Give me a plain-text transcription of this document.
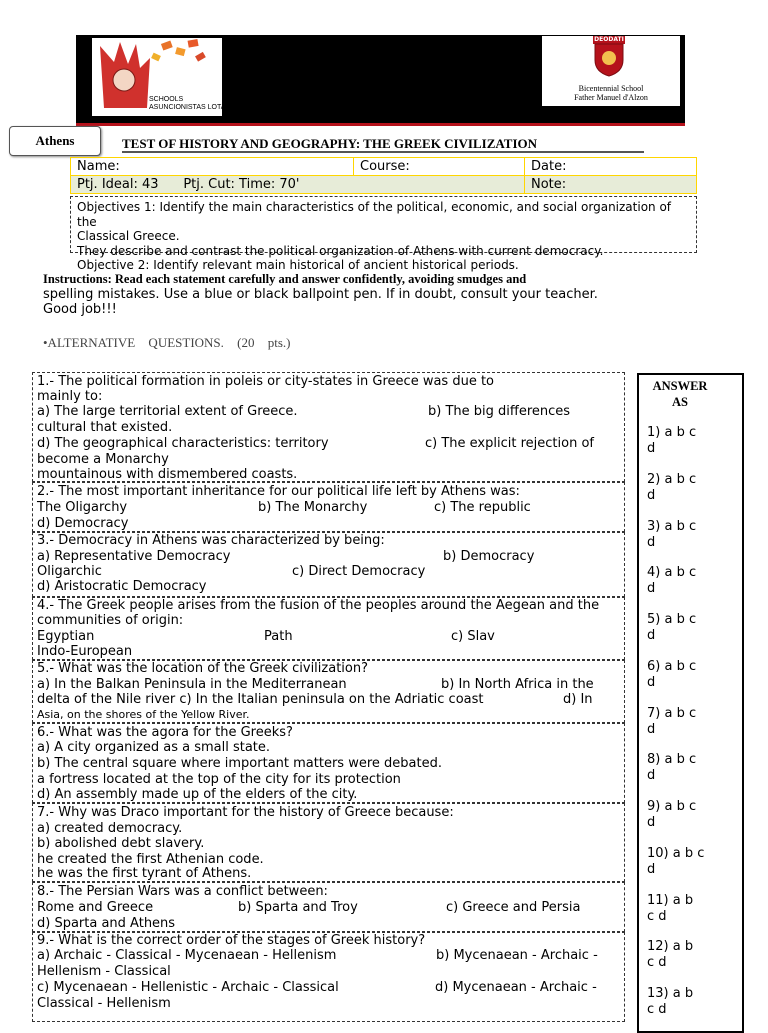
SCHOOLS
ASUNCIONISTAS LOTA
DEODATI
Bicentennial School
Father Manuel d'Alzon
Athens	TEST OF HISTORY AND GEOGRAPHY: THE GREEK CIVILIZATION
Name:	Course:	Date:
Ptj. Ideal: 43      Ptj. Cut: Time: 70'	Note:
Objectives 1: Identify the main characteristics of the political, economic, and social organization of the
Classical Greece.
They describe and contrast the political organization of Athens with current democracy.
Objective 2: Identify relevant main historical of ancient historical periods.
Instructions: Read each statement carefully and answer confidently, avoiding smudges and
spelling mistakes. Use a blue or black ballpoint pen. If in doubt, consult your teacher.
Good job!!!
•ALTERNATIVE QUESTIONS. (20 pts.)
1.- The political formation in poleis or city-states in Greece was due to
mainly to:
a) The large territorial extent of Greece.	b) The big differences
cultural that existed.
d) The geographical characteristics: territory	c) The explicit rejection of
become a Monarchy
mountainous with dismembered coasts.
2.- The most important inheritance for our political life left by Athens was:
The Oligarchy	b) The Monarchy	c) The republic
d) Democracy
3.- Democracy in Athens was characterized by being:
a) Representative Democracy	b) Democracy
Oligarchic	c) Direct Democracy
d) Aristocratic Democracy
4.- The Greek people arises from the fusion of the peoples around the Aegean and the
communities of origin:
Egyptian	Path	c) Slav
Indo-European
5.- What was the location of the Greek civilization?
a) In the Balkan Peninsula in the Mediterranean	b) In North Africa in the
delta of the Nile river c) In the Italian peninsula on the Adriatic coast	d) In
Asia, on the shores of the Yellow River.
6.- What was the agora for the Greeks?
a) A city organized as a small state.
b) The central square where important matters were debated.
a fortress located at the top of the city for its protection
d) An assembly made up of the elders of the city.
7.- Why was Draco important for the history of Greece because:
a) created democracy.
b) abolished debt slavery.
he created the first Athenian code.
he was the first tyrant of Athens.
8.- The Persian Wars was a conflict between:
Rome and Greece	b) Sparta and Troy	c) Greece and Persia
d) Sparta and Athens
9.- What is the correct order of the stages of Greek history?
a) Archaic - Classical - Mycenaean - Hellenism	b) Mycenaean - Archaic -
Hellenism - Classical
c) Mycenaean - Hellenistic - Archaic - Classical	d) Mycenaean - Archaic -
Classical - Hellenism
ANSWER
AS
1) a b c
d
2) a b c
d
3) a b c
d
4) a b c
d
5) a b c
d
6) a b c
d
7) a b c
d
8) a b c
d
9) a b c
d
10) a b c
d
11) a b
c d
12) a b
c d
13) a b
c d
